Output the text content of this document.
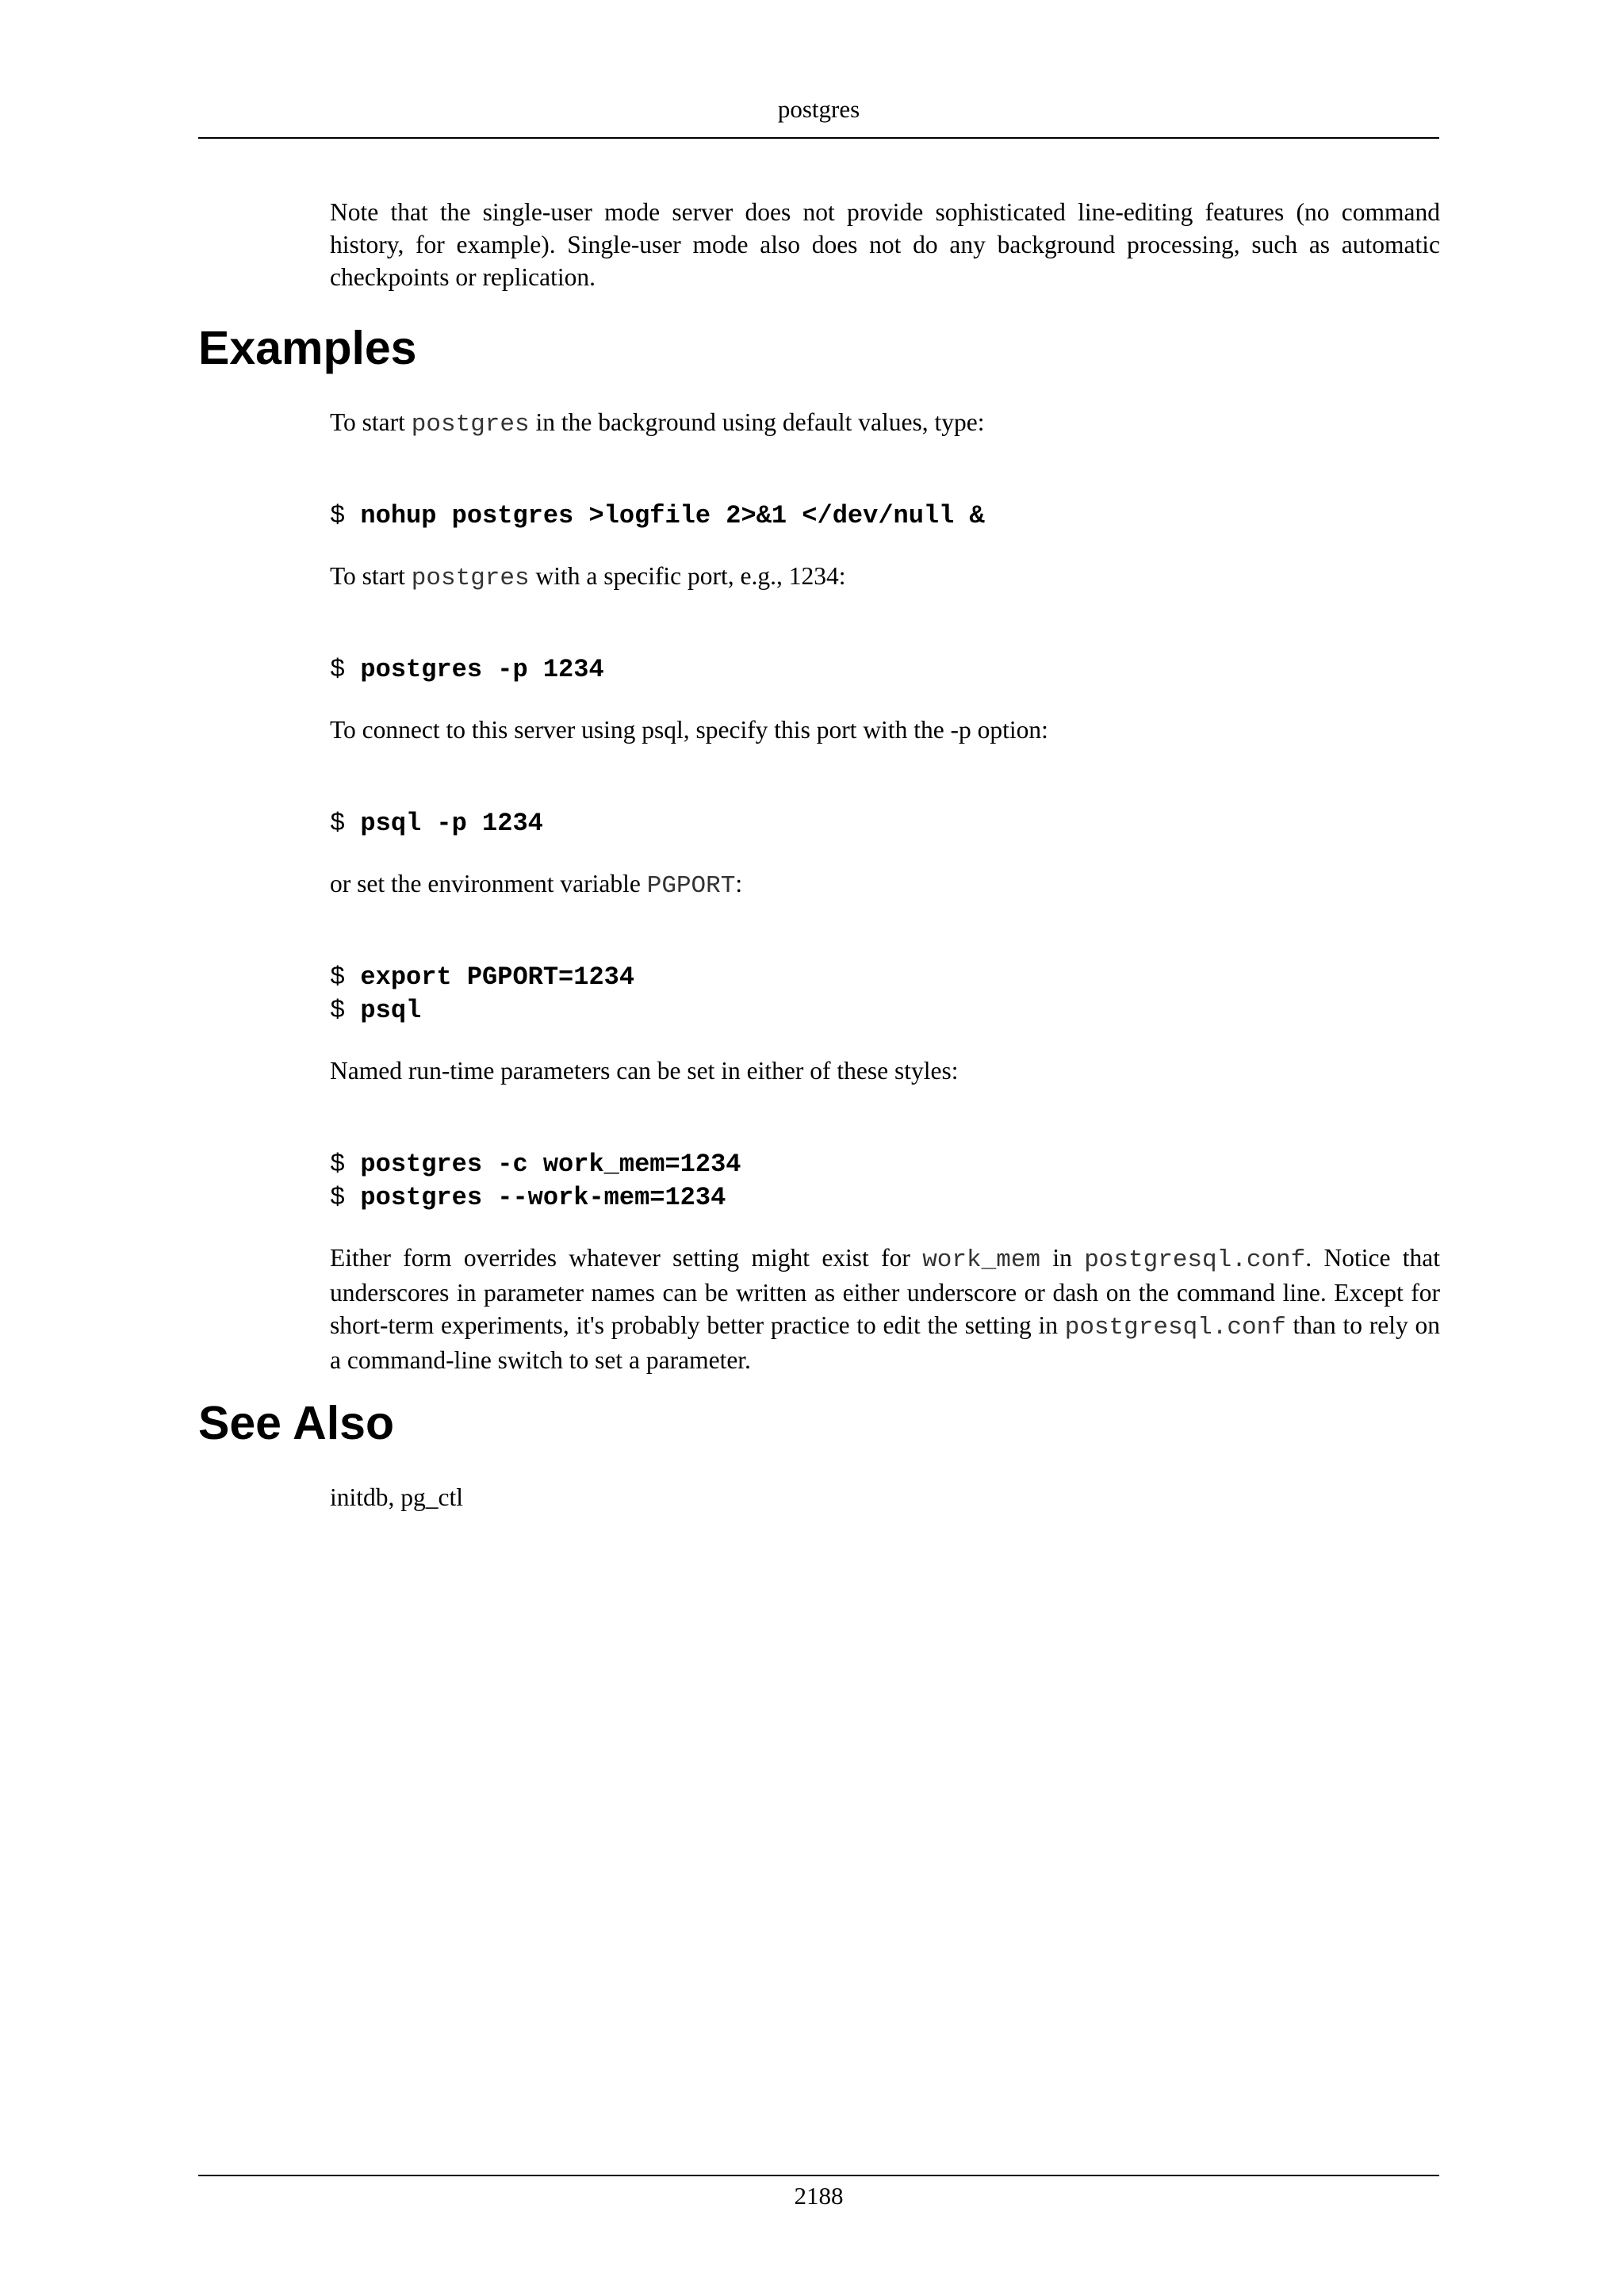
postgres

Note that the single-user mode server does not provide sophisticated line-editing features (no command history, for example). Single-user mode also does not do any background processing, such as automatic checkpoints or replication.

Examples

To start postgres in the background using default values, type:

$ nohup postgres >logfile 2>&1 </dev/null &

To start postgres with a specific port, e.g., 1234:

$ postgres -p 1234

To connect to this server using psql, specify this port with the -p option:

$ psql -p 1234

or set the environment variable PGPORT:

$ export PGPORT=1234
$ psql

Named run-time parameters can be set in either of these styles:

$ postgres -c work_mem=1234
$ postgres --work-mem=1234

Either form overrides whatever setting might exist for work_mem in postgresql.conf. Notice that underscores in parameter names can be written as either underscore or dash on the command line. Except for short-term experiments, it's probably better practice to edit the setting in postgresql.conf than to rely on a command-line switch to set a parameter.

See Also

initdb, pg_ctl

2188
